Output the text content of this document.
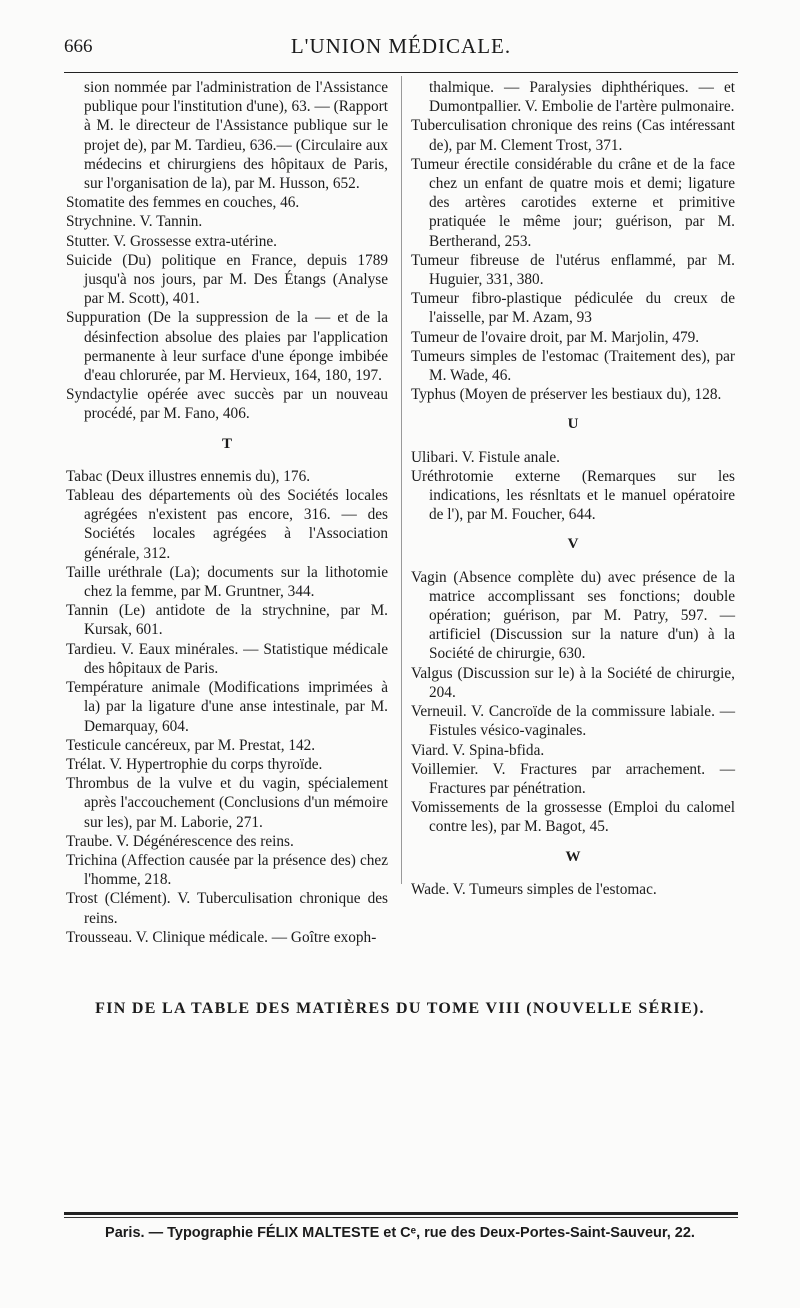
666	L'UNION MÉDICALE.

sion nommée par l'administration de l'Assistance publique pour l'institution d'une), 63. — (Rapport à M. le directeur de l'Assistance publique sur le projet de), par M. Tardieu, 636.— (Circulaire aux médecins et chirurgiens des hôpitaux de Paris, sur l'organisation de la), par M. Husson, 652.

Stomatite des femmes en couches, 46.

Strychnine. V. Tannin.

Stutter. V. Grossesse extra-utérine.

Suicide (Du) politique en France, depuis 1789 jusqu'à nos jours, par M. Des Étangs (Analyse par M. Scott), 401.

Suppuration (De la suppression de la — et de la désinfection absolue des plaies par l'application permanente à leur surface d'une éponge imbibée d'eau chlorurée, par M. Hervieux, 164, 180, 197.

Syndactylie opérée avec succès par un nouveau procédé, par M. Fano, 406.

T

Tabac (Deux illustres ennemis du), 176.

Tableau des départements où des Sociétés locales agrégées n'existent pas encore, 316. — des Sociétés locales agrégées à l'Association générale, 312.

Taille uréthrale (La); documents sur la lithotomie chez la femme, par M. Gruntner, 344.

Tannin (Le) antidote de la strychnine, par M. Kursak, 601.

Tardieu. V. Eaux minérales. — Statistique médicale des hôpitaux de Paris.

Température animale (Modifications imprimées à la) par la ligature d'une anse intestinale, par M. Demarquay, 604.

Testicule cancéreux, par M. Prestat, 142.

Trélat. V. Hypertrophie du corps thyroïde.

Thrombus de la vulve et du vagin, spécialement après l'accouchement (Conclusions d'un mémoire sur les), par M. Laborie, 271.

Traube. V. Dégénérescence des reins.

Trichina (Affection causée par la présence des) chez l'homme, 218.

Trost (Clément). V. Tuberculisation chronique des reins.

Trousseau. V. Clinique médicale. — Goître exoph-

thalmique. — Paralysies diphthériques. — et Dumontpallier. V. Embolie de l'artère pulmonaire.

Tuberculisation chronique des reins (Cas intéressant de), par M. Clement Trost, 371.

Tumeur érectile considérable du crâne et de la face chez un enfant de quatre mois et demi; ligature des artères carotides externe et primitive pratiquée le même jour; guérison, par M. Bertherand, 253.

Tumeur fibreuse de l'utérus enflammé, par M. Huguier, 331, 380.

Tumeur fibro-plastique pédiculée du creux de l'aisselle, par M. Azam, 93

Tumeur de l'ovaire droit, par M. Marjolin, 479.

Tumeurs simples de l'estomac (Traitement des), par M. Wade, 46.

Typhus (Moyen de préserver les bestiaux du), 128.

U

Ulibari. V. Fistule anale.

Uréthrotomie externe (Remarques sur les indications, les résnltats et le manuel opératoire de l'), par M. Foucher, 644.

V

Vagin (Absence complète du) avec présence de la matrice accomplissant ses fonctions; double opération; guérison, par M. Patry, 597. — artificiel (Discussion sur la nature d'un) à la Société de chirurgie, 630.

Valgus (Discussion sur le) à la Société de chirurgie, 204.

Verneuil. V. Cancroïde de la commissure labiale. — Fistules vésico-vaginales.

Viard. V. Spina-bfida.

Voillemier. V. Fractures par arrachement. — Fractures par pénétration.

Vomissements de la grossesse (Emploi du calomel contre les), par M. Bagot, 45.

W

Wade. V. Tumeurs simples de l'estomac.

FIN DE LA TABLE DES MATIÈRES DU TOME VIII (NOUVELLE SÉRIE).
Paris. — Typographie FÉLIX MALTESTE et Cᵉ, rue des Deux-Portes-Saint-Sauveur, 22.
